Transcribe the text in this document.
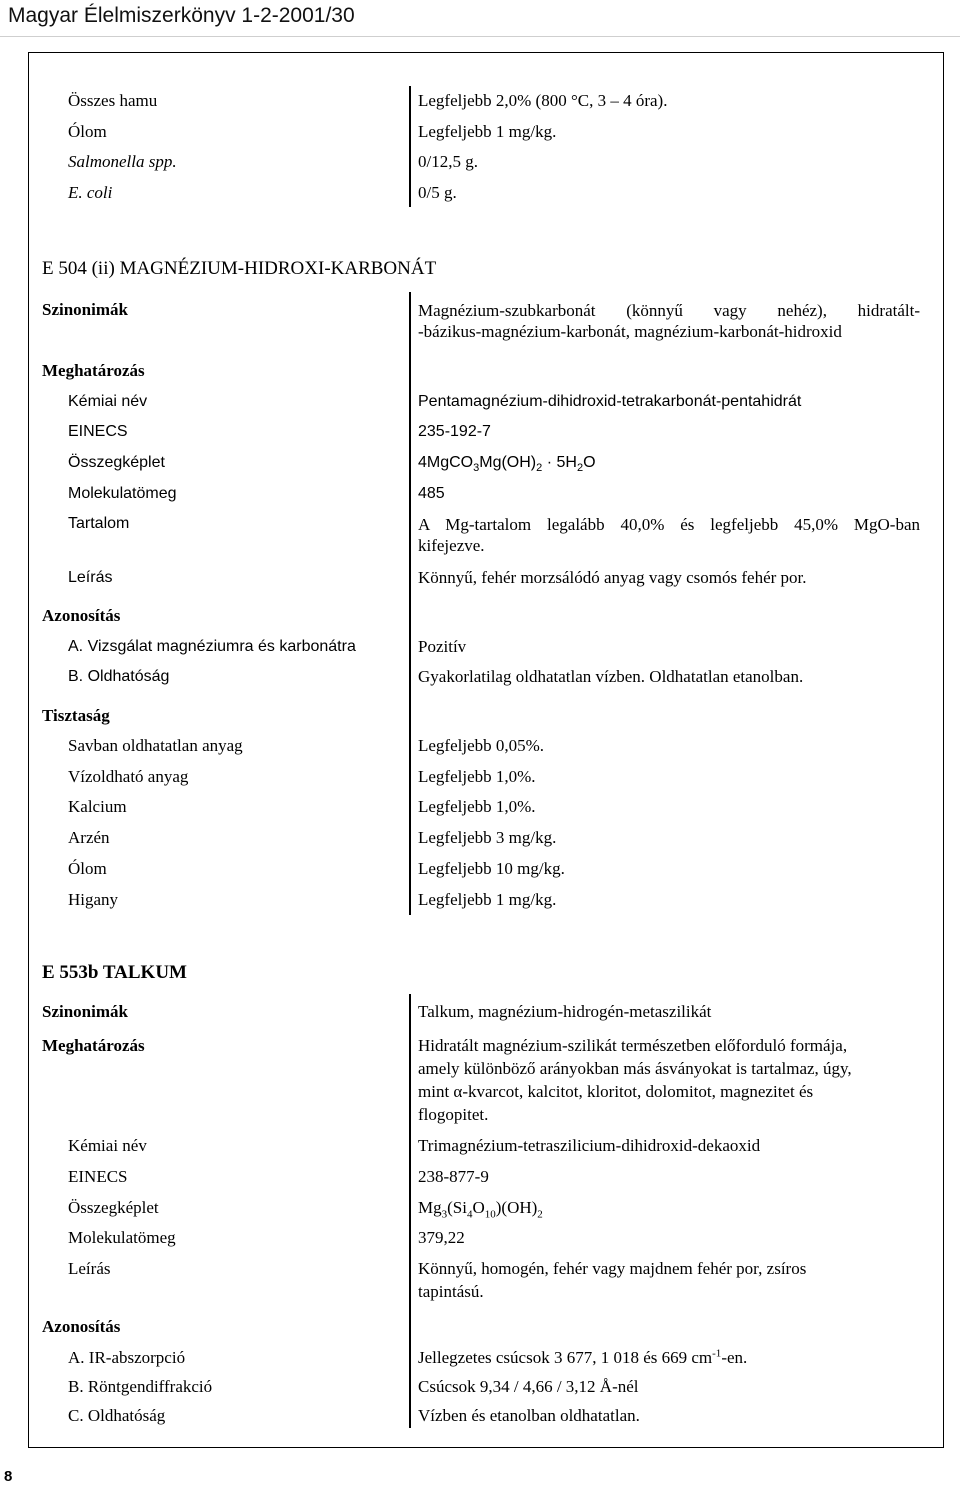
Magyar Élelmiszerkönyv 1-2-2001/30
Összes hamu	Legfeljebb 2,0% (800 °C, 3 – 4 óra).
Ólom	Legfeljebb 1 mg/kg.
Salmonella spp.	0/12,5 g.
E. coli	0/5 g.
E 504 (ii) MAGNÉZIUM-HIDROXI-KARBONÁT
Szinonimák	Magnézium-szubkarbonát (könnyű vagy nehéz), hidratált-
-bázikus-magnézium-karbonát, magnézium-karbonát-hidroxid
Meghatározás
Kémiai név	Pentamagnézium-dihidroxid-tetrakarbonát-pentahidrát
EINECS	235-192-7
Összegképlet	$4MgCO_3Mg(OH)_2 \cdot 5H_2O$
Molekulatömeg	485
Tartalom	A Mg-tartalom legalább 40,0% és legfeljebb 45,0% MgO-ban
kifejezve.
Leírás	Könnyű, fehér morzsálódó anyag vagy csomós fehér por.
Azonosítás
A. Vizsgálat magnéziumra és karbonátra	Pozitív
B. Oldhatóság	Gyakorlatilag oldhatatlan vízben. Oldhatatlan etanolban.
Tisztaság
Savban oldhatatlan anyag	Legfeljebb 0,05%.
Vízoldható anyag	Legfeljebb 1,0%.
Kalcium	Legfeljebb 1,0%.
Arzén	Legfeljebb 3 mg/kg.
Ólom	Legfeljebb 10 mg/kg.
Higany	Legfeljebb 1 mg/kg.
E 553b TALKUM
Szinonimák	Talkum, magnézium-hidrogén-metaszilikát
Meghatározás	Hidratált magnézium-szilikát természetben előforduló formája,
amely különböző arányokban más ásványokat is tartalmaz, úgy,
mint α-kvarcot, kalcitot, kloritot, dolomitot, magnezitet és
flogopitet.
Kémiai név	Trimagnézium-tetraszilicium-dihidroxid-dekaoxid
EINECS	238-877-9
Összegképlet	$Mg_3(Si_4O_{10})(OH)_2$
Molekulatömeg	379,22
Leírás	Könnyű, homogén, fehér vagy majdnem fehér por, zsíros
tapintású.
Azonosítás
A. IR-abszorpció	Jellegzetes csúcsok 3 677, 1 018 és 669 $cm^{-1}-en$.
B. Röntgendiffrakció	Csúcsok 9,34 / 4,66 / 3,12 Å-nél
C. Oldhatóság	Vízben és etanolban oldhatatlan.
8
